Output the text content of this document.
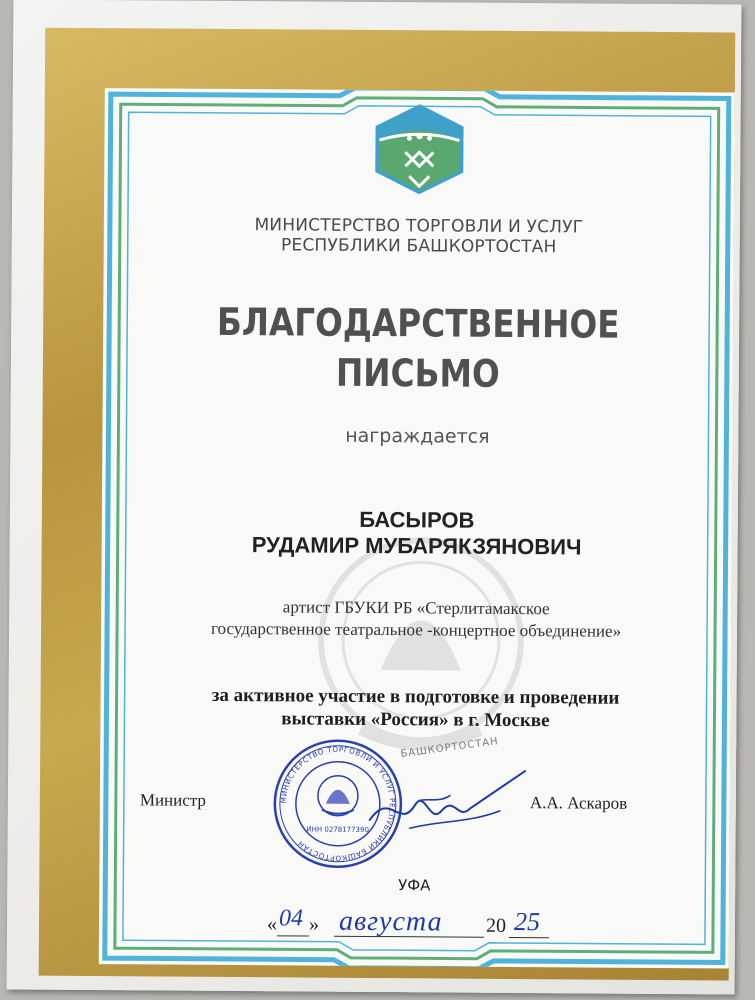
МИНИСТЕРСТВО ТОРГОВЛИ И УСЛУГ
РЕСПУБЛИКИ БАШКОРТОСТАН
БЛАГОДАРСТВЕННОЕ
ПИСЬМО
награждается
БАСЫРОВ
РУДАМИР МУБАРЯКЗЯНОВИЧ
артист ГБУКИ РБ «Стерлитамакское
государственное театральное -концертное объединение»
за активное участие в подготовке и проведении
выставки «Россия» в г. Москве
БАШКОРТОСТАН
Министр	А.А. Аскаров
МИНИСТЕРСТВО ТОРГОВЛИ И УСЛУГ РЕСПУБЛИКИ БАШКОРТОСТАН
ИНН 0278177390
УФА
« 04 » августа 20 25
